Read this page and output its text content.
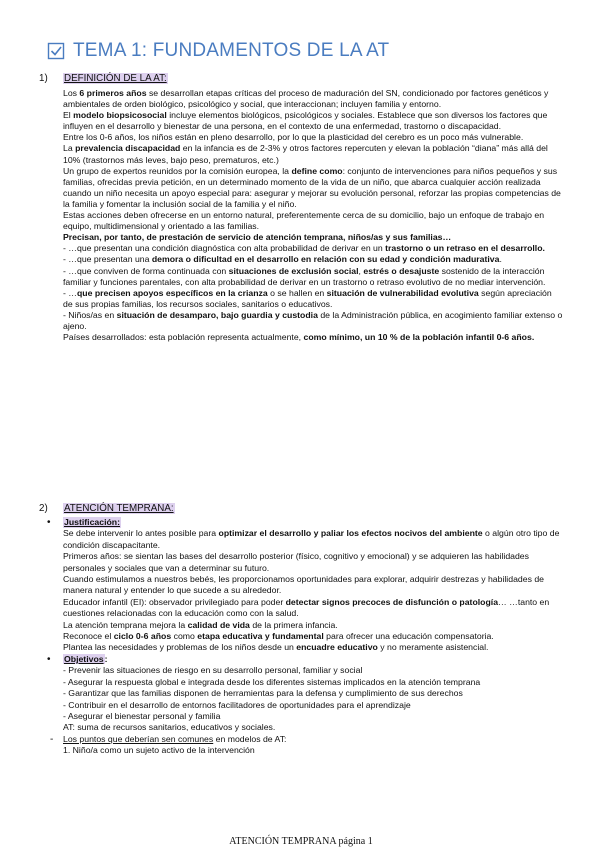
TEMA 1: FUNDAMENTOS DE LA AT
1) DEFINICIÓN DE LA AT:

Los 6 primeros años se desarrollan etapas críticas del proceso de maduración del SN, condicionado por factores genéticos y ambientales de orden biológico, psicológico y social, que interaccionan; incluyen familia y entorno.

El modelo biopsicosocial incluye elementos biológicos, psicológicos y sociales. Establece que son diversos los factores que influyen en el desarrollo y bienestar de una persona, en el contexto de una enfermedad, trastorno o discapacidad.

Entre los 0-6 años, los niños están en pleno desarrollo, por lo que la plasticidad del cerebro es un poco más vulnerable.

La prevalencia discapacidad en la infancia es de 2-3% y otros factores repercuten y elevan la población “diana” más allá del 10% (trastornos más leves, bajo peso, prematuros, etc.)

Un grupo de expertos reunidos por la comisión europea, la define como: conjunto de intervenciones para niños pequeños y sus familias, ofrecidas previa petición, en un determinado momento de la vida de un niño, que abarca cualquier acción realizada cuando un niño necesita un apoyo especial para: asegurar y mejorar su evolución personal, reforzar las propias competencias de la familia y fomentar la inclusión social de la familia y el niño.

Estas acciones deben ofrecerse en un entorno natural, preferentemente cerca de su domicilio, bajo un enfoque de trabajo en equipo, multidimensional y orientado a las familias.

Precisan, por tanto, de prestación de servicio de atención temprana, niños/as y sus familias…

- …que presentan una condición diagnóstica con alta probabilidad de derivar en un trastorno o un retraso en el desarrollo.

- …que presentan una demora o dificultad en el desarrollo en relación con su edad y condición madurativa.

- …que conviven de forma continuada con situaciones de exclusión social, estrés o desajuste sostenido de la interacción familiar y funciones parentales, con alta probabilidad de derivar en un trastorno o retraso evolutivo de no mediar intervención.

- …que precisen apoyos específicos en la crianza o se hallen en situación de vulnerabilidad evolutiva según apreciación de sus propias familias, los recursos sociales, sanitarios o educativos.

- Niños/as en situación de desamparo, bajo guardia y custodia de la Administración pública, en acogimiento familiar extenso o ajeno.

Países desarrollados: esta población representa actualmente, como mínimo, un 10 % de la población infantil 0-6 años.

2) ATENCIÓN TEMPRANA:
•	Justificación:

Se debe intervenir lo antes posible para optimizar el desarrollo y paliar los efectos nocivos del ambiente o algún otro tipo de condición discapacitante.

Primeros años: se sientan las bases del desarrollo posterior (físico, cognitivo y emocional) y se adquieren las habilidades personales y sociales que van a determinar su futuro.

Cuando estimulamos a nuestros bebés, les proporcionamos oportunidades para explorar, adquirir destrezas y habilidades de manera natural y entender lo que sucede a su alrededor.

Educador infantil (EI): observador privilegiado para poder detectar signos precoces de disfunción o patología… …tanto en cuestiones relacionadas con la educación como con la salud.

La atención temprana mejora la calidad de vida de la primera infancia.

Reconoce el ciclo 0-6 años como etapa educativa y fundamental para ofrecer una educación compensatoria.

Plantea las necesidades y problemas de los niños desde un encuadre educativo y no meramente asistencial.

•	Objetivos:

- Prevenir las situaciones de riesgo en su desarrollo personal, familiar y social

- Asegurar la respuesta global e integrada desde los diferentes sistemas implicados en la atención temprana

- Garantizar que las familias disponen de herramientas para la defensa y cumplimiento de sus derechos

- Contribuir en el desarrollo de entornos facilitadores de oportunidades para el aprendizaje

- Asegurar el bienestar personal y familia

AT: suma de recursos sanitarios, educativos y sociales.

-	Los puntos que deberían sen comunes en modelos de AT:

1. Niño/a como un sujeto activo de la intervención

ATENCIÓN TEMPRANA página 1
